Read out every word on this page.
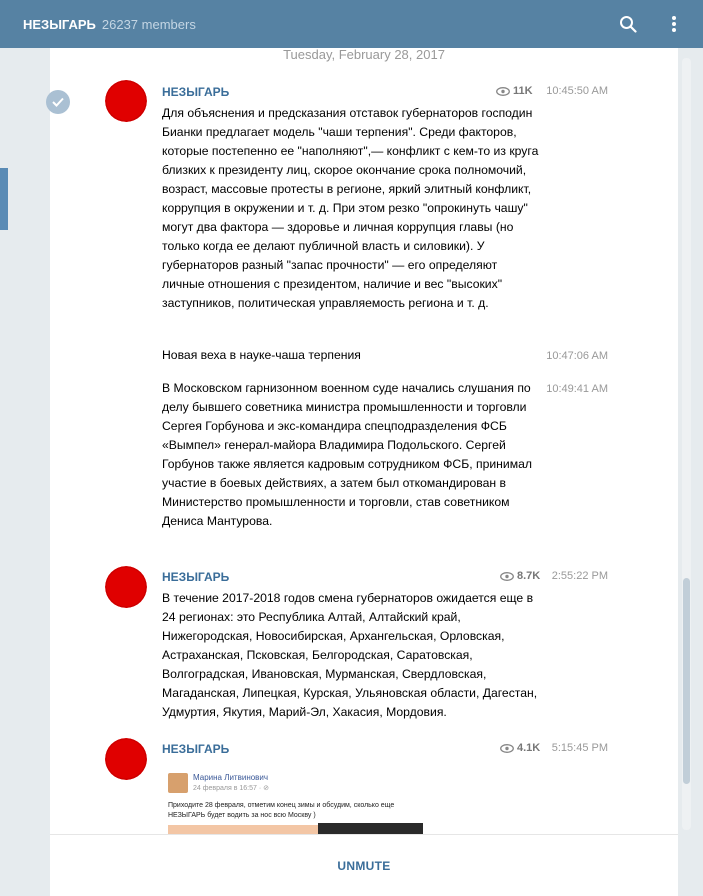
НЕЗЫГАРЬ 26237 members
Tuesday, February 28, 2017
НЕЗЫГАРЬ	11K	10:45:50 AM
Для объяснения и предсказания отставок губернаторов господин Бианки предлагает модель "чаши терпения". Среди факторов, которые постепенно ее "наполняют",— конфликт с кем-то из круга близких к президенту лиц, скорое окончание срока полномочий, возраст, массовые протесты в регионе, яркий элитный конфликт, коррупция в окружении и т. д. При этом резко "опрокинуть чашу" могут два фактора — здоровье и личная коррупция главы (но только когда ее делают публичной власть и силовики). У губернаторов разный "запас прочности" — его определяют личные отношения с президентом, наличие и вес "высоких" заступников, политическая управляемость региона и т. д.
Новая веха в науке-чаша терпения	10:47:06 AM
10:49:41 AM
В Московском гарнизонном военном суде начались слушания по делу бывшего советника министра промышленности и торговли Сергея Горбунова и экс-командира спецподразделения ФСБ «Вымпел» генерал-майора Владимира Подольского. Сергей Горбунов также является кадровым сотрудником ФСБ, принимал участие в боевых действиях, а затем был откомандирован в Министерство промышленности и торговли, став советником Дениса Мантурова.
НЕЗЫГАРЬ	8.7K	2:55:22 PM
В течение 2017-2018 годов смена губернаторов ожидается еще в 24 регионах: это Республика Алтай, Алтайский край, Нижегородская, Новосибирская, Архангельская, Орловская, Астраханская, Псковская, Белгородская, Саратовская, Волгоградская, Ивановская, Мурманская, Свердловская, Магаданская, Липецкая, Курская, Ульяновская области, Дагестан, Удмуртия, Якутия, Марий-Эл, Хакасия, Мордовия.
НЕЗЫГАРЬ	4.1K	5:15:45 PM
Марина Литвинович
24 февраля в 16:57 · ⊘
Приходите 28 февраля, отметим конец зимы и обсудим, сколько еще НЕЗЫГАРЬ будет водить за нос всю Москву )
UNMUTE
